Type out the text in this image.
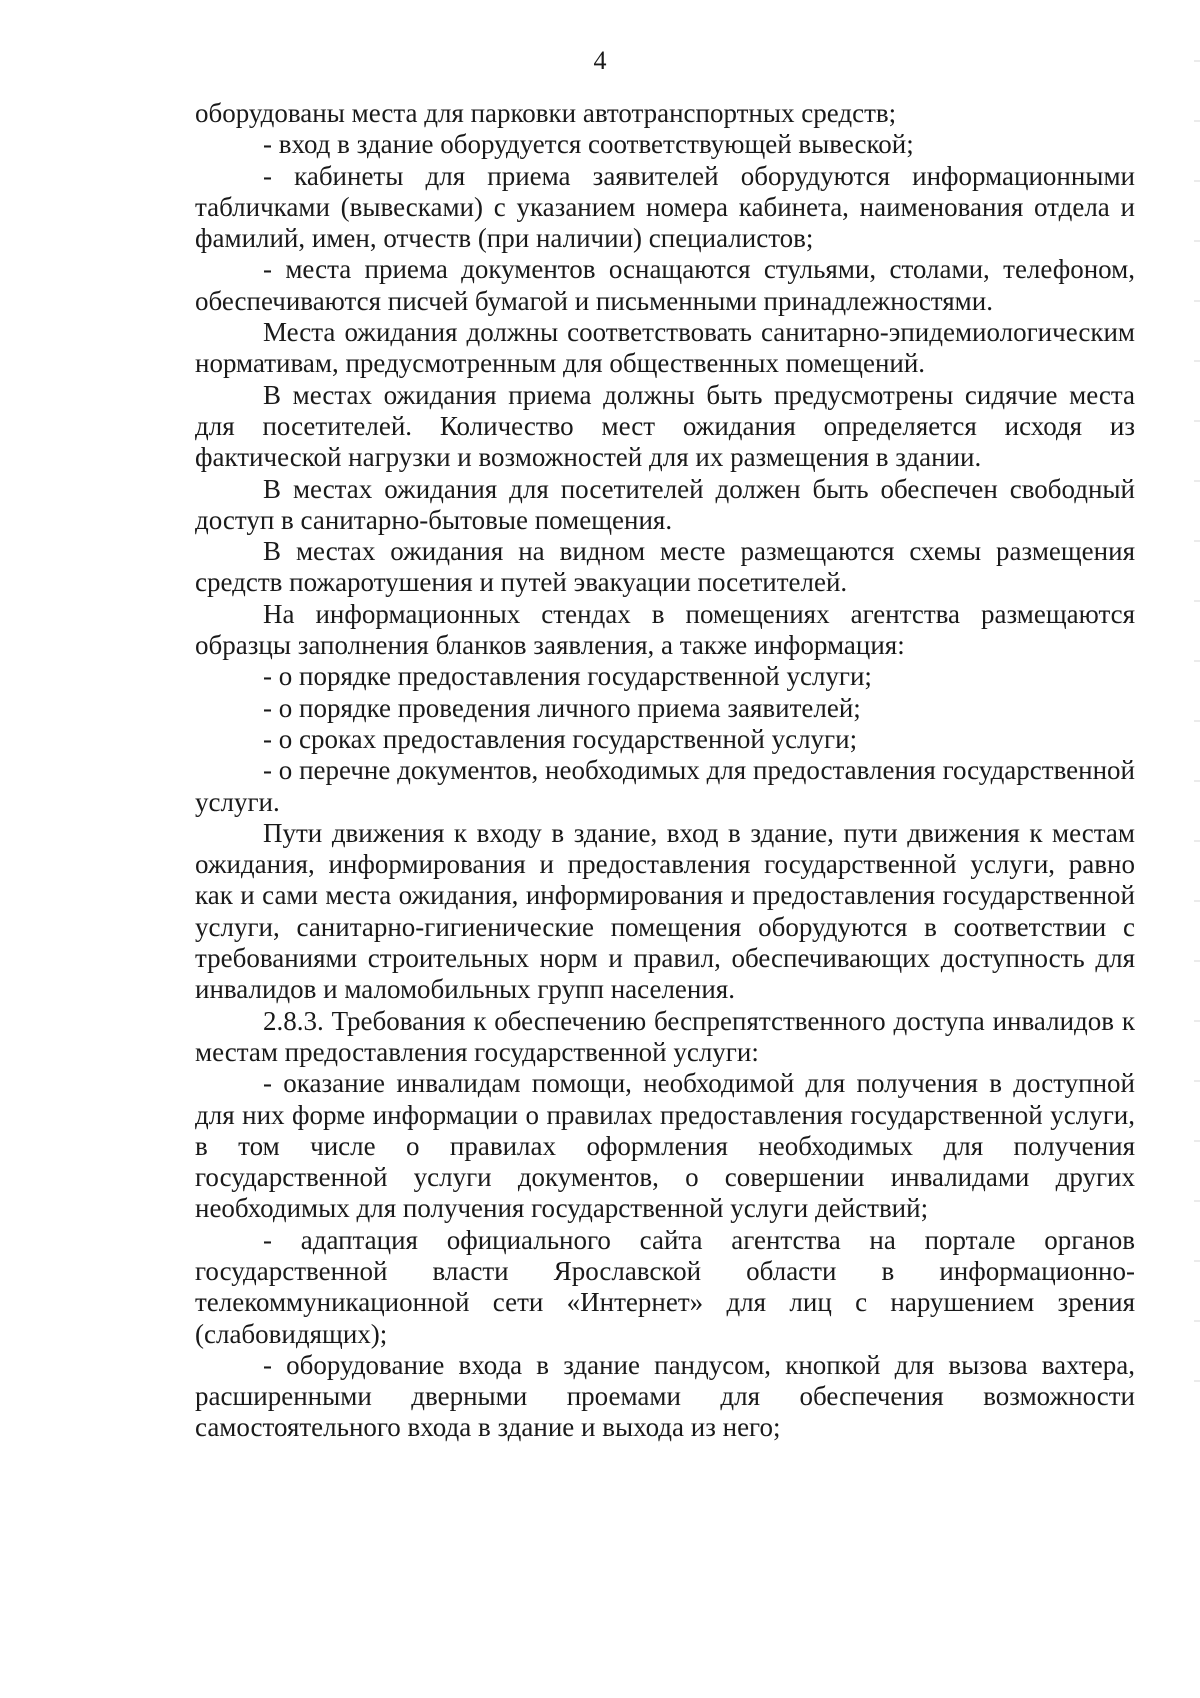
4

оборудованы места для парковки автотранспортных средств;

- вход в здание оборудуется соответствующей вывеской;

- кабинеты для приема заявителей оборудуются информационными табличками (вывесками) с указанием номера кабинета, наименования отдела и фамилий, имен, отчеств (при наличии) специалистов;

- места приема документов оснащаются стульями, столами, телефоном, обеспечиваются писчей бумагой и письменными принадлежностями.

Места ожидания должны соответствовать санитарно-эпидемиологическим нормативам, предусмотренным для общественных помещений.

В местах ожидания приема должны быть предусмотрены сидячие места для посетителей. Количество мест ожидания определяется исходя из фактической нагрузки и возможностей для их размещения в здании.

В местах ожидания для посетителей должен быть обеспечен свободный доступ в санитарно-бытовые помещения.

В местах ожидания на видном месте размещаются схемы размещения средств пожаротушения и путей эвакуации посетителей.

На информационных стендах в помещениях агентства размещаются образцы заполнения бланков заявления, а также информация:

- о порядке предоставления государственной услуги;

- о порядке проведения личного приема заявителей;

- о сроках предоставления государственной услуги;

- о перечне документов, необходимых для предоставления государственной услуги.

Пути движения к входу в здание, вход в здание, пути движения к местам ожидания, информирования и предоставления государственной услуги, равно как и сами места ожидания, информирования и предоставления государственной услуги, санитарно-гигиенические помещения оборудуются в соответствии с требованиями строительных норм и правил, обеспечивающих доступность для инвалидов и маломобильных групп населения.

2.8.3. Требования к обеспечению беспрепятственного доступа инвалидов к местам предоставления государственной услуги:

- оказание инвалидам помощи, необходимой для получения в доступной для них форме информации о правилах предоставления государственной услуги, в том числе о правилах оформления необходимых для получения государственной услуги документов, о совершении инвалидами других необходимых для получения государственной услуги действий;

- адаптация официального сайта агентства на портале органов государственной власти Ярославской области в информационно-телекоммуникационной сети «Интернет» для лиц с нарушением зрения (слабовидящих);

- оборудование входа в здание пандусом, кнопкой для вызова вахтера, расширенными дверными проемами для обеспечения возможности самостоятельного входа в здание и выхода из него;
